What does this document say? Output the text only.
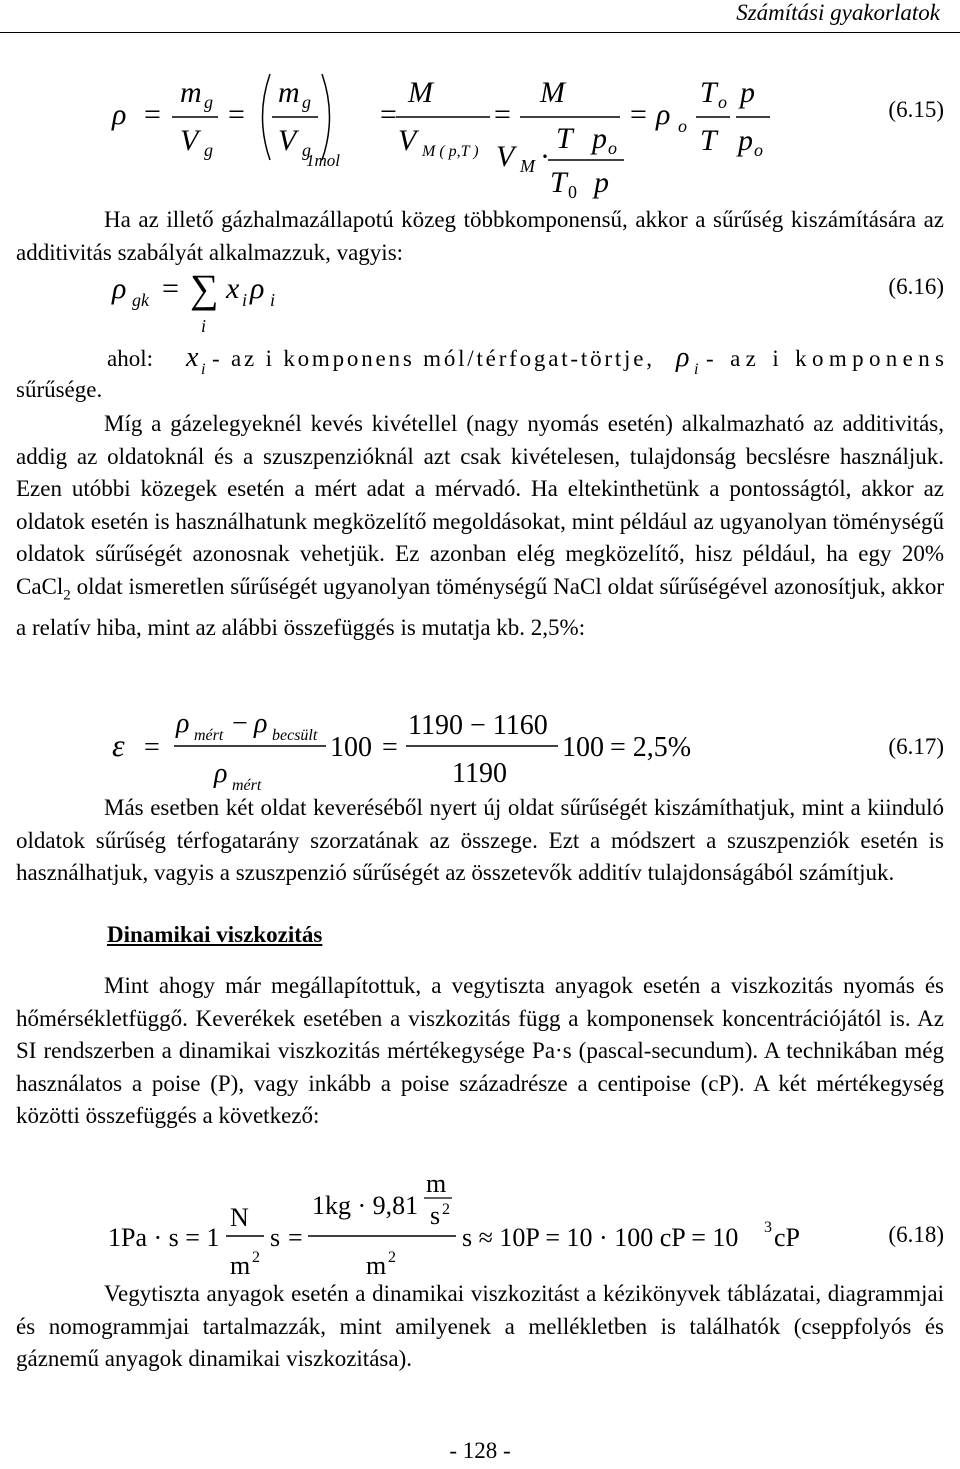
Számítási gyakorlatok
ρ =
m g
V g
=
m g
V g
1mol
=
M
V M ( p,T )
=
M
V M ·
T p o
T 0 p
= ρ o
T o
T
p
p o
(6.15)

Ha az illető gázhalmazállapotú közeg többkomponensű, akkor a sűrűség kiszámítására az additivitás szabályát alkalmazzuk, vagyis:

ρ gk = ∑
i
x i ρ i
(6.16)
ahol: x i - az i komponens mól/térfogat-törtje, ρ i - az i komponens
sűrűsége.

Míg a gázelegyeknél kevés kivétellel (nagy nyomás esetén) alkalmazható az additivitás, addig az oldatoknál és a szuszpenzióknál azt csak kivételesen, tulajdonság becslésre használjuk. Ezen utóbbi közegek esetén a mért adat a mérvadó. Ha eltekinthetünk a pontosságtól, akkor az oldatok esetén is használhatunk megközelítő megoldásokat, mint például az ugyanolyan töménységű oldatok sűrűségét azonosnak vehetjük. Ez azonban elég megközelítő, hisz például, ha egy 20% CaCl$_2$ oldat ismeretlen sűrűségét ugyanolyan töménységű NaCl oldat sűrűségével azonosítjuk, akkor a relatív hiba, mint az alábbi összefüggés is mutatja kb. 2,5%:

ε =
ρ mért − ρ becsült
ρ mért
100 =
1190 − 1160
1190
100 = 2,5%	(6.17)

Más esetben két oldat keveréséből nyert új oldat sűrűségét kiszámíthatjuk, mint a kiinduló oldatok sűrűség térfogatarány szorzatának az összege. Ezt a módszert a szuszpenziók esetén is használhatjuk, vagyis a szuszpenzió sűrűségét az összetevők additív tulajdonságából számítjuk.

Dinamikai viszkozitás

Mint ahogy már megállapítottuk, a vegytiszta anyagok esetén a viszkozitás nyomás és hőmérsékletfüggő. Keverékek esetében a viszkozitás függ a komponensek koncentrációjától is. Az SI rendszerben a dinamikai viszkozitás mértékegysége Pa·s (pascal-secundum). A technikában még használatos a poise (P), vagy inkább a poise századrésze a centipoise (cP). A két mértékegység közötti összefüggés a következő:

1Pa · s = 1
N
m 2
s =
1kg · 9,81
m
s 2
m 2
s ≈ 10P = 10 · 100 cP = 10 3 cP	(6.18)

Vegytiszta anyagok esetén a dinamikai viszkozitást a kézikönyvek táblázatai, diagrammjai és nomogrammjai tartalmazzák, mint amilyenek a mellékletben is találhatók (cseppfolyós és gáznemű anyagok dinamikai viszkozitása).

- 128 -
